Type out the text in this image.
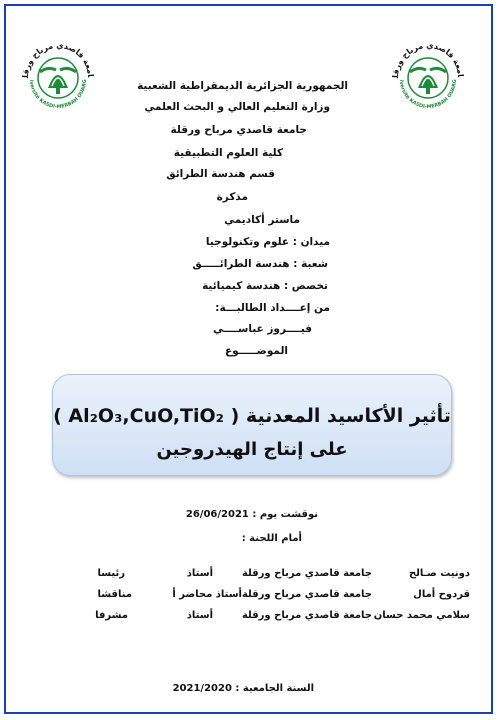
امعة قاصدي مرباح ورقل
iversité KASDI-MERBAH OUARG
امعة قاصدي مرباح ورقل
iversité KASDI-MERBAH OUARG
الجمهورية الجزائرية الديمقراطية الشعبية
وزارة التعليم العالي و البحث العلمي
جامعة قاصدي مرباح ورقلة
كلية العلوم التطبيقية
قسم هندسة الطرائق
مذكرة
ماستر أكاديمي
ميدان : علوم وتكنولوجيا
شعبة : هندسة الطرائـــــق
تخصص : هندسة كيميائية
من إعــــداد الطالبـــة:
فيــــروز عباســــي
الموضـــــوع
( Al₂O₃,CuO,TiO₂ ) تأثير الأكاسيد المعدنية
على إنتاج الهيدروجين
نوقشت يوم : 26/06/2021
أمام اللجنة :
دونيت صـالح
جامعة قاصدي مرباح ورقلة
أستاذ
رئيسا
قردوح أمال
جامعة قاصدي مرباح ورقلة
أستاذ محاضر أ
مناقشا
سلامي محمد حسان
جامعة قاصدي مرباح ورقلة
أستاذ
مشرفا
السنة الجامعية : 2021/2020
